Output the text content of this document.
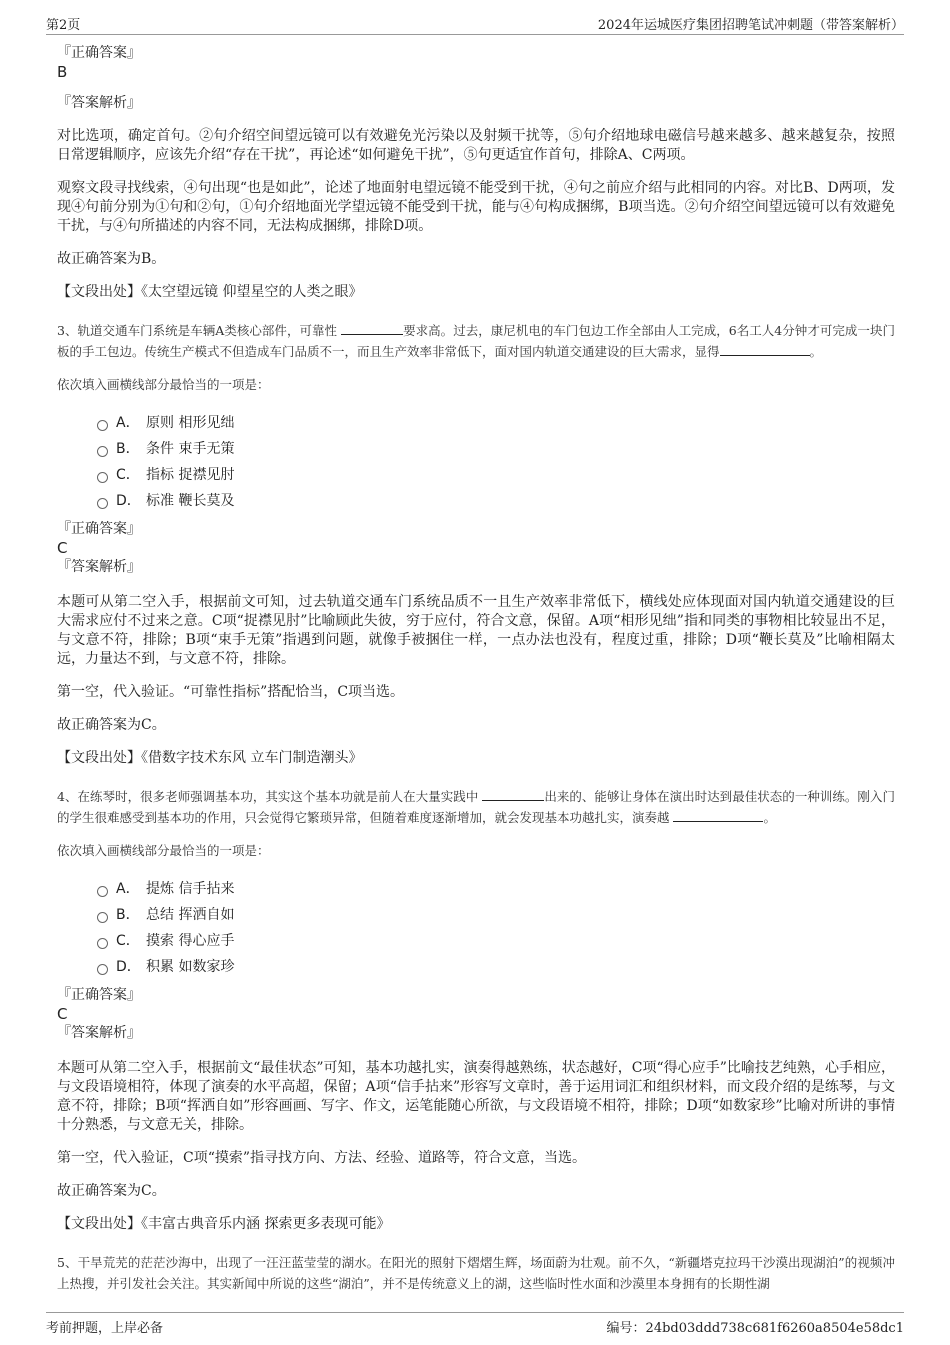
第2页	2024年运城医疗集团招聘笔试冲刺题（带答案解析）

『正确答案』

B

『答案解析』

对比选项，确定首句。②句介绍空间望远镜可以有效避免光污染以及射频干扰等，⑤句介绍地球电磁信号越来越多、越来越复杂，按照日常逻辑顺序，应该先介绍“存在干扰”，再论述“如何避免干扰”，⑤句更适宜作首句，排除A、C两项。

观察文段寻找线索，④句出现“也是如此”，论述了地面射电望远镜不能受到干扰，④句之前应介绍与此相同的内容。对比B、D两项，发现④句前分别为①句和②句，①句介绍地面光学望远镜不能受到干扰，能与④句构成捆绑，B项当选。②句介绍空间望远镜可以有效避免干扰，与④句所描述的内容不同，无法构成捆绑，排除D项。

故正确答案为B。

【文段出处】《太空望远镜 仰望星空的人类之眼》

3、轨道交通车门系统是车辆A类核心部件，可靠性	要求高。过去，康尼机电的车门包边工作全部由人工完成，6名工人4分钟才可完成一块门板的手工包边。传统生产模式不但造成车门品质不一，而且生产效率非常低下，面对国内轨道交通建设的巨大需求，显得	。

依次填入画横线部分最恰当的一项是：

A． 原则 相形见绌
B． 条件 束手无策
C． 指标 捉襟见肘
D． 标准 鞭长莫及

『正确答案』

C

『答案解析』

本题可从第二空入手，根据前文可知，过去轨道交通车门系统品质不一且生产效率非常低下，横线处应体现面对国内轨道交通建设的巨大需求应付不过来之意。C项“捉襟见肘”比喻顾此失彼，穷于应付，符合文意，保留。A项“相形见绌”指和同类的事物相比较显出不足，与文意不符，排除；B项“束手无策”指遇到问题，就像手被捆住一样，一点办法也没有，程度过重，排除；D项“鞭长莫及”比喻相隔太远，力量达不到，与文意不符，排除。

第一空，代入验证。“可靠性指标”搭配恰当，C项当选。

故正确答案为C。

【文段出处】《借数字技术东风 立车门制造潮头》

4、在练琴时，很多老师强调基本功，其实这个基本功就是前人在大量实践中	出来的、能够让身体在演出时达到最佳状态的一种训练。刚入门的学生很难感受到基本功的作用，只会觉得它繁琐异常，但随着难度逐渐增加，就会发现基本功越扎实，演奏越	。

依次填入画横线部分最恰当的一项是：

A． 提炼 信手拈来
B． 总结 挥洒自如
C． 摸索 得心应手
D． 积累 如数家珍

『正确答案』

C

『答案解析』

本题可从第二空入手，根据前文“最佳状态”可知，基本功越扎实，演奏得越熟练，状态越好，C项“得心应手”比喻技艺纯熟，心手相应，与文段语境相符，体现了演奏的水平高超，保留；A项“信手拈来”形容写文章时，善于运用词汇和组织材料，而文段介绍的是练琴，与文意不符，排除；B项“挥洒自如”形容画画、写字、作文，运笔能随心所欲，与文段语境不相符，排除；D项“如数家珍”比喻对所讲的事情十分熟悉，与文意无关，排除。

第一空，代入验证，C项“摸索”指寻找方向、方法、经验、道路等，符合文意，当选。

故正确答案为C。

【文段出处】《丰富古典音乐内涵 探索更多表现可能》

5、干旱荒芜的茫茫沙海中，出现了一汪汪蓝莹莹的湖水。在阳光的照射下熠熠生辉，场面蔚为壮观。前不久，“新疆塔克拉玛干沙漠出现湖泊”的视频冲上热搜，并引发社会关注。其实新闻中所说的这些“湖泊”，并不是传统意义上的湖，这些临时性水面和沙漠里本身拥有的长期性湖

考前押题，上岸必备	编号：24bd03ddd738c681f6260a8504e58dc1
